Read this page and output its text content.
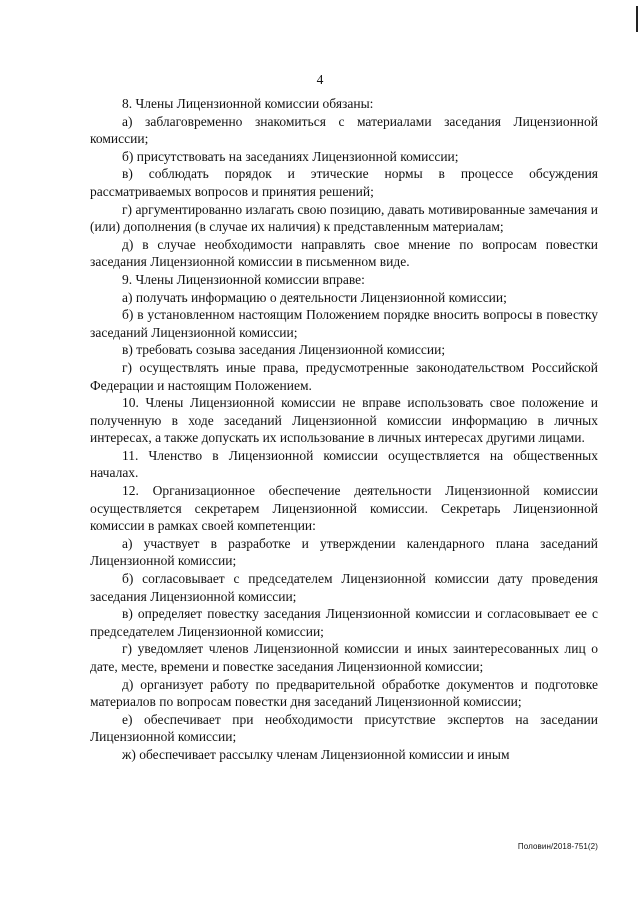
4

8. Члены Лицензионной комиссии обязаны:

а) заблаговременно знакомиться с материалами заседания Лицензионной комиссии;

б) присутствовать на заседаниях Лицензионной комиссии;

в) соблюдать порядок и этические нормы в процессе обсуждения рассматриваемых вопросов и принятия решений;

г) аргументированно излагать свою позицию, давать мотивированные замечания и (или) дополнения (в случае их наличия) к представленным материалам;

д) в случае необходимости направлять свое мнение по вопросам повестки заседания Лицензионной комиссии в письменном виде.

9. Члены Лицензионной комиссии вправе:

а) получать информацию о деятельности Лицензионной комиссии;

б) в установленном настоящим Положением порядке вносить вопросы в повестку заседаний Лицензионной комиссии;

в) требовать созыва заседания Лицензионной комиссии;

г) осуществлять иные права, предусмотренные законодательством Российской Федерации и настоящим Положением.

10. Члены Лицензионной комиссии не вправе использовать свое положение и полученную в ходе заседаний Лицензионной комиссии информацию в личных интересах, а также допускать их использование в личных интересах другими лицами.

11. Членство в Лицензионной комиссии осуществляется на общественных началах.

12. Организационное обеспечение деятельности Лицензионной комиссии осуществляется секретарем Лицензионной комиссии. Секретарь Лицензионной комиссии в рамках своей компетенции:

а) участвует в разработке и утверждении календарного плана заседаний Лицензионной комиссии;

б) согласовывает с председателем Лицензионной комиссии дату проведения заседания Лицензионной комиссии;

в) определяет повестку заседания Лицензионной комиссии и согласовывает ее с председателем Лицензионной комиссии;

г) уведомляет членов Лицензионной комиссии и иных заинтересованных лиц о дате, месте, времени и повестке заседания Лицензионной комиссии;

д) организует работу по предварительной обработке документов и подготовке материалов по вопросам повестки дня заседаний Лицензионной комиссии;

е) обеспечивает при необходимости присутствие экспертов на заседании Лицензионной комиссии;

ж) обеспечивает рассылку членам Лицензионной комиссии и иным

Половин/2018-751(2)
